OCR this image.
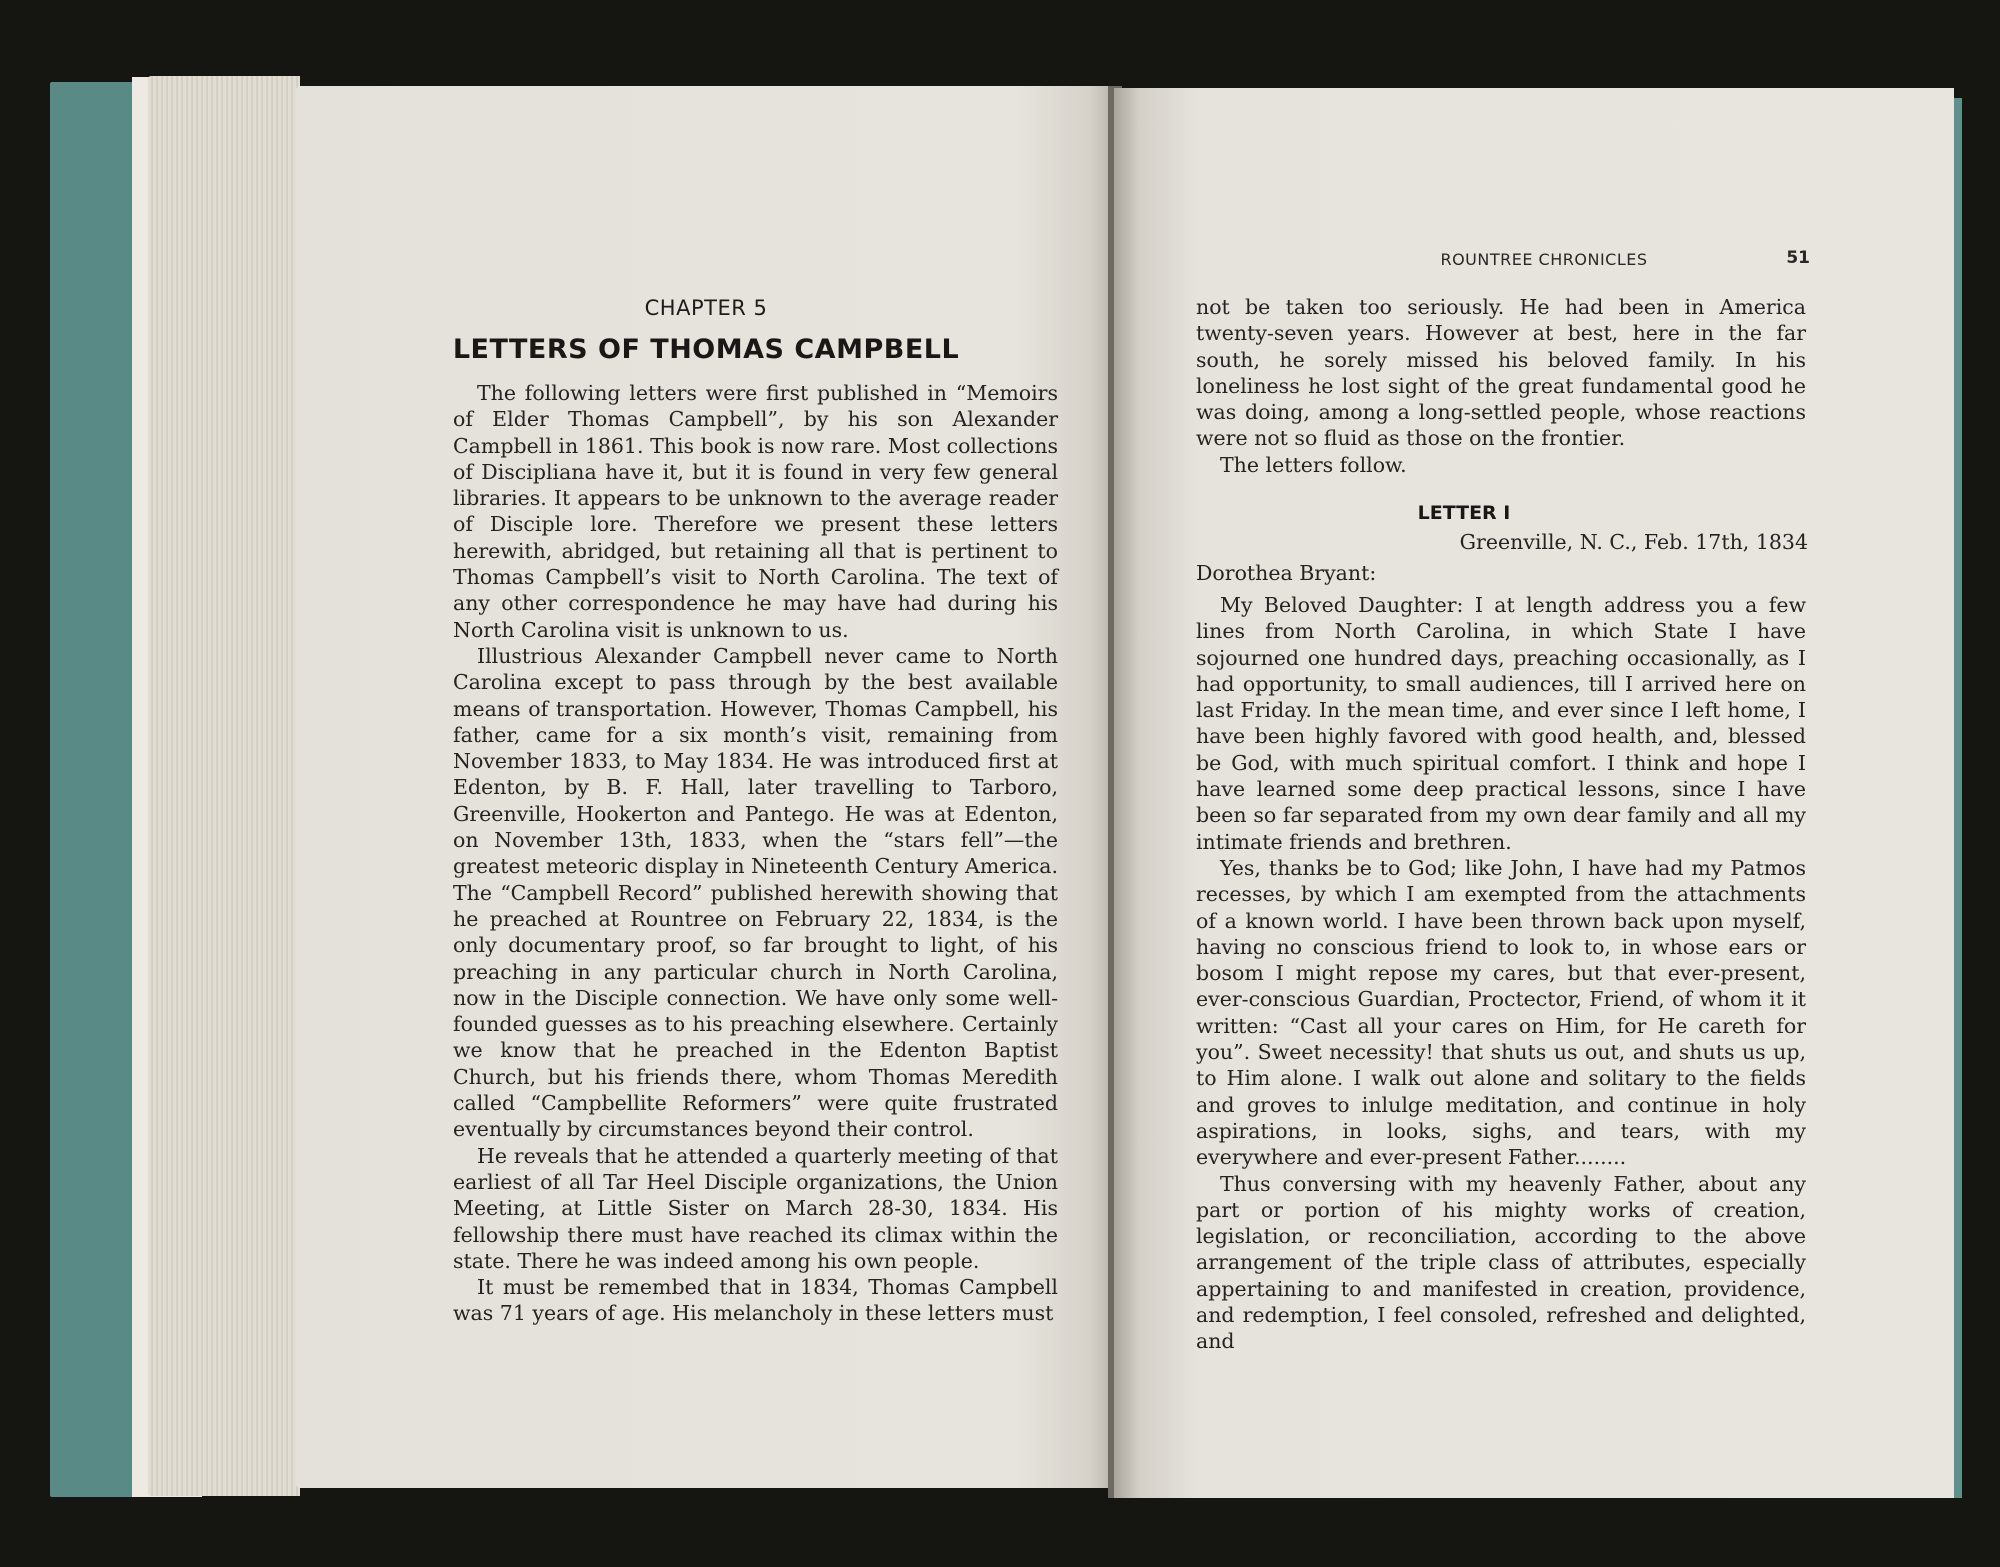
CHAPTER 5
LETTERS OF THOMAS CAMPBELL

The following letters were first published in “Memoirs of Elder Thomas Campbell”, by his son Alexander Campbell in 1861. This book is now rare. Most collections of Discipliana have it, but it is found in very few general libraries. It appears to be unknown to the average reader of Disciple lore. Therefore we present these letters herewith, abridged, but retaining all that is pertinent to Thomas Campbell’s visit to North Carolina. The text of any other correspondence he may have had during his North Carolina visit is unknown to us.

Illustrious Alexander Campbell never came to North Carolina except to pass through by the best available means of transportation. However, Thomas Campbell, his father, came for a six month’s visit, remaining from November 1833, to May 1834. He was introduced first at Edenton, by B. F. Hall, later travelling to Tarboro, Greenville, Hookerton and Pantego. He was at Edenton, on November 13th, 1833, when the “stars fell”—the greatest meteoric display in Nineteenth Century America. The “Campbell Record” published herewith showing that he preached at Rountree on February 22, 1834, is the only documentary proof, so far brought to light, of his preaching in any particular church in North Carolina, now in the Disciple connection. We have only some well-founded guesses as to his preaching elsewhere. Certainly we know that he preached in the Edenton Baptist Church, but his friends there, whom Thomas Meredith called “Campbellite Reformers” were quite frustrated eventually by circumstances beyond their control.

He reveals that he attended a quarterly meeting of that earliest of all Tar Heel Disciple organizations, the Union Meeting, at Little Sister on March 28-30, 1834. His fellowship there must have reached its climax within the state. There he was indeed among his own people.

It must be remembed that in 1834, Thomas Campbell was 71 years of age. His melancholy in these letters must

ROUNTREE CHRONICLES	51

not be taken too seriously. He had been in America twenty-seven years. However at best, here in the far south, he sorely missed his beloved family. In his loneliness he lost sight of the great fundamental good he was doing, among a long-settled people, whose reactions were not so fluid as those on the frontier.

The letters follow.

LETTER I
Greenville, N. C., Feb. 17th, 1834
Dorothea Bryant:

My Beloved Daughter: I at length address you a few lines from North Carolina, in which State I have sojourned one hundred days, preaching occasionally, as I had opportunity, to small audiences, till I arrived here on last Friday. In the mean time, and ever since I left home, I have been highly favored with good health, and, blessed be God, with much spiritual comfort. I think and hope I have learned some deep practical lessons, since I have been so far separated from my own dear family and all my intimate friends and brethren.

Yes, thanks be to God; like John, I have had my Patmos recesses, by which I am exempted from the attachments of a known world. I have been thrown back upon myself, having no conscious friend to look to, in whose ears or bosom I might repose my cares, but that ever-present, ever-conscious Guardian, Proctector, Friend, of whom it it written: “Cast all your cares on Him, for He careth for you”. Sweet necessity! that shuts us out, and shuts us up, to Him alone. I walk out alone and solitary to the fields and groves to inlulge meditation, and continue in holy aspirations, in looks, sighs, and tears, with my everywhere and ever-present Father........

Thus conversing with my heavenly Father, about any part or portion of his mighty works of creation, legislation, or reconciliation, according to the above arrangement of the triple class of attributes, especially appertaining to and manifested in creation, providence, and redemption, I feel consoled, refreshed and delighted, and
